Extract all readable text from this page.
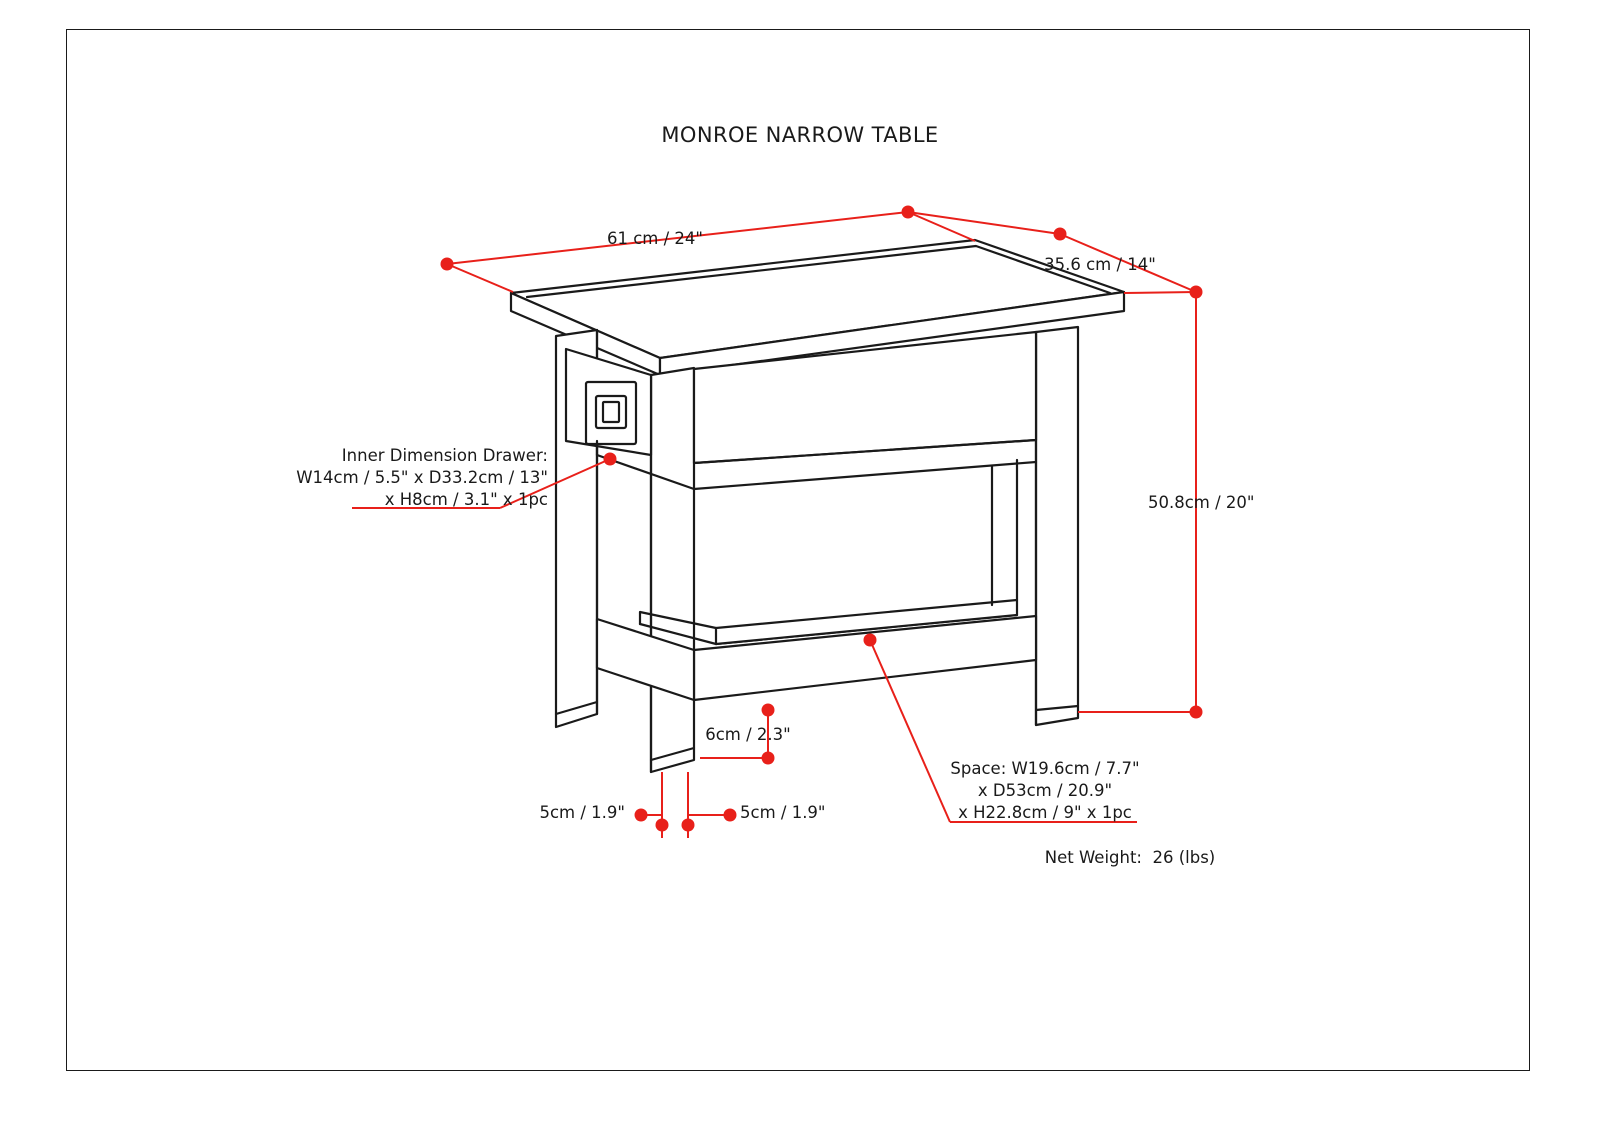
MONROE NARROW TABLE
61 cm / 24"
35.6 cm / 14"
50.8cm / 20"
Inner Dimension Drawer:
W14cm / 5.5" x D33.2cm / 13"
x H8cm / 3.1" x 1pc
6cm / 2.3"
5cm / 1.9"	5cm / 1.9"
Space: W19.6cm / 7.7"
x D53cm / 20.9"
x H22.8cm / 9" x 1pc
Net Weight:  26 (lbs)
